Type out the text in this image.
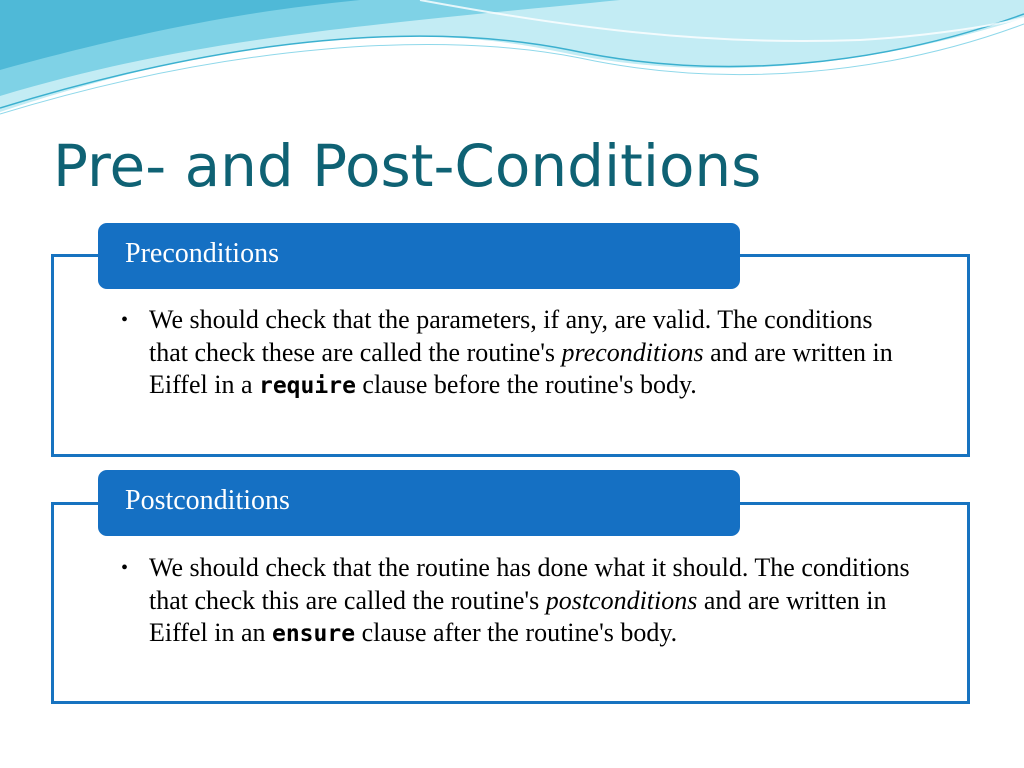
Pre- and Post-Conditions
Preconditions
• We should check that the parameters, if any, are valid. The conditions that check these are called the routine's preconditions and are written in Eiffel in a require clause before the routine's body.
Postconditions
• We should check that the routine has done what it should. The conditions that check this are called the routine's postconditions and are written in Eiffel in an ensure clause after the routine's body.
